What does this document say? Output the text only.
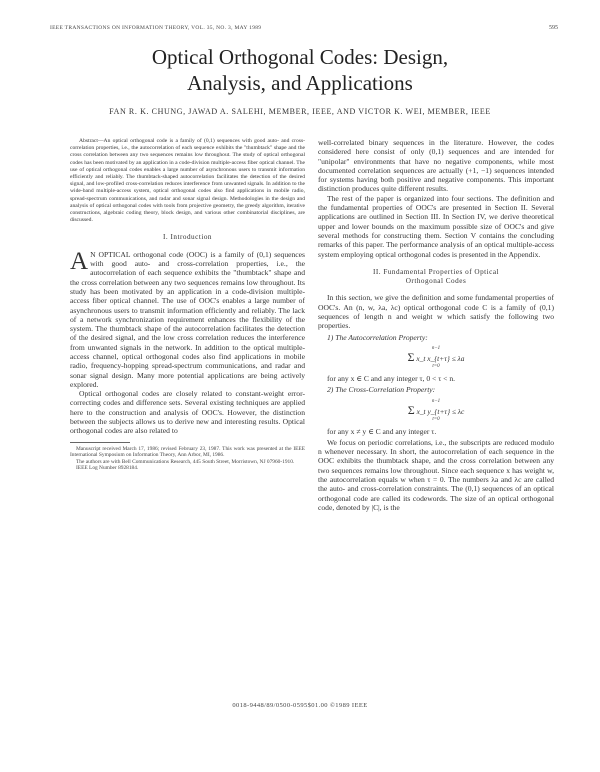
IEEE TRANSACTIONS ON INFORMATION THEORY, VOL. 35, NO. 3, MAY 1989	595
Optical Orthogonal Codes: Design,
Analysis, and Applications
FAN R. K. CHUNG, JAWAD A. SALEHI, MEMBER, IEEE, AND VICTOR K. WEI, MEMBER, IEEE

Abstract—An optical orthogonal code is a family of (0,1) sequences with good auto- and cross-correlation properties, i.e., the autocorrelation of each sequence exhibits the "thumbtack" shape and the cross correlation between any two sequences remains low throughout. The study of optical orthogonal codes has been motivated by an application in a code-division multiple-access fiber optical channel. The use of optical orthogonal codes enables a large number of asynchronous users to transmit information efficiently and reliably. The thumbtack-shaped autocorrelation facilitates the detection of the desired signal, and low-profiled cross-correlation reduces interference from unwanted signals. In addition to the wide-band multiple-access system, optical orthogonal codes also find applications in mobile radio, spread-spectrum communications, and radar and sonar signal design. Methodologies in the design and analysis of optical orthogonal codes with tools from projective geometry, the greedy algorithm, iterative constructions, algebraic coding theory, block design, and various other combinatorial disciplines, are discussed.

I. Introduction

A N OPTICAL orthogonal code (OOC) is a family of (0,1) sequences with good auto- and cross-correlation properties, i.e., the autocorrelation of each sequence exhibits the "thumbtack" shape and the cross correlation between any two sequences remains low throughout. Its study has been motivated by an application in a code-division multiple-access fiber optical channel. The use of OOC's enables a large number of asynchronous users to transmit information efficiently and reliably. The lack of a network synchronization requirement enhances the flexibility of the system. The thumbtack shape of the autocorrelation facilitates the detection of the desired signal, and the low cross correlation reduces the interference from unwanted signals in the network. In addition to the optical multiple-access channel, optical orthogonal codes also find applications in mobile radio, frequency-hopping spread-spectrum communications, and radar and sonar signal design. Many more potential applications are being actively explored.

Optical orthogonal codes are closely related to constant-weight error-correcting codes and difference sets. Several existing techniques are applied here to the construction and analysis of OOC's. However, the distinction between the subjects allows us to derive new and interesting results. Optical orthogonal codes are also related to

Manuscript received March 17, 1986; revised February 23, 1987. This work was presented at the IEEE International Symposium on Information Theory, Ann Arbor, MI, 1986.
The authors are with Bell Communications Research, 445 South Street, Morristown, NJ 07960-1910.
IEEE Log Number 8928184.

well-correlated binary sequences in the literature. However, the codes considered here consist of only (0,1) sequences and are intended for "unipolar" environments that have no negative components, while most documented correlation sequences are actually (+1, −1) sequences intended for systems having both positive and negative components. This important distinction produces quite different results.

The rest of the paper is organized into four sections. The definition and the fundamental properties of OOC's are presented in Section II. Several applications are outlined in Section III. In Section IV, we derive theoretical upper and lower bounds on the maximum possible size of OOC's and give several methods for constructing them. Section V contains the concluding remarks of this paper. The performance analysis of an optical multiple-access system employing optical orthogonal codes is presented in the Appendix.

II. Fundamental Properties of Optical
Orthogonal Codes

In this section, we give the definition and some fundamental properties of OOC's. An (n, w, λa, λc) optical orthogonal code C is a family of (0,1) sequences of length n and weight w which satisfy the following two properties.

1) The Autocorrelation Property:
n−1
Σ x_t x_{t+τ} ≤ λa
t=0
for any x ∈ C and any integer τ, 0 < τ < n.
2) The Cross-Correlation Property:
n−1
Σ x_t y_{t+τ} ≤ λc
t=0
for any x ≠ y ∈ C and any integer τ.

We focus on periodic correlations, i.e., the subscripts are reduced modulo n whenever necessary. In short, the autocorrelation of each sequence in the OOC exhibits the thumbtack shape, and the cross correlation between any two sequences remains low throughout. Since each sequence x has weight w, the autocorrelation equals w when τ = 0. The numbers λa and λc are called the auto- and cross-correlation constraints. The (0,1) sequences of an optical orthogonal code are called its codewords. The size of an optical orthogonal code, denoted by |C|, is the

0018-9448/89/0500-0595$01.00 ©1989 IEEE
